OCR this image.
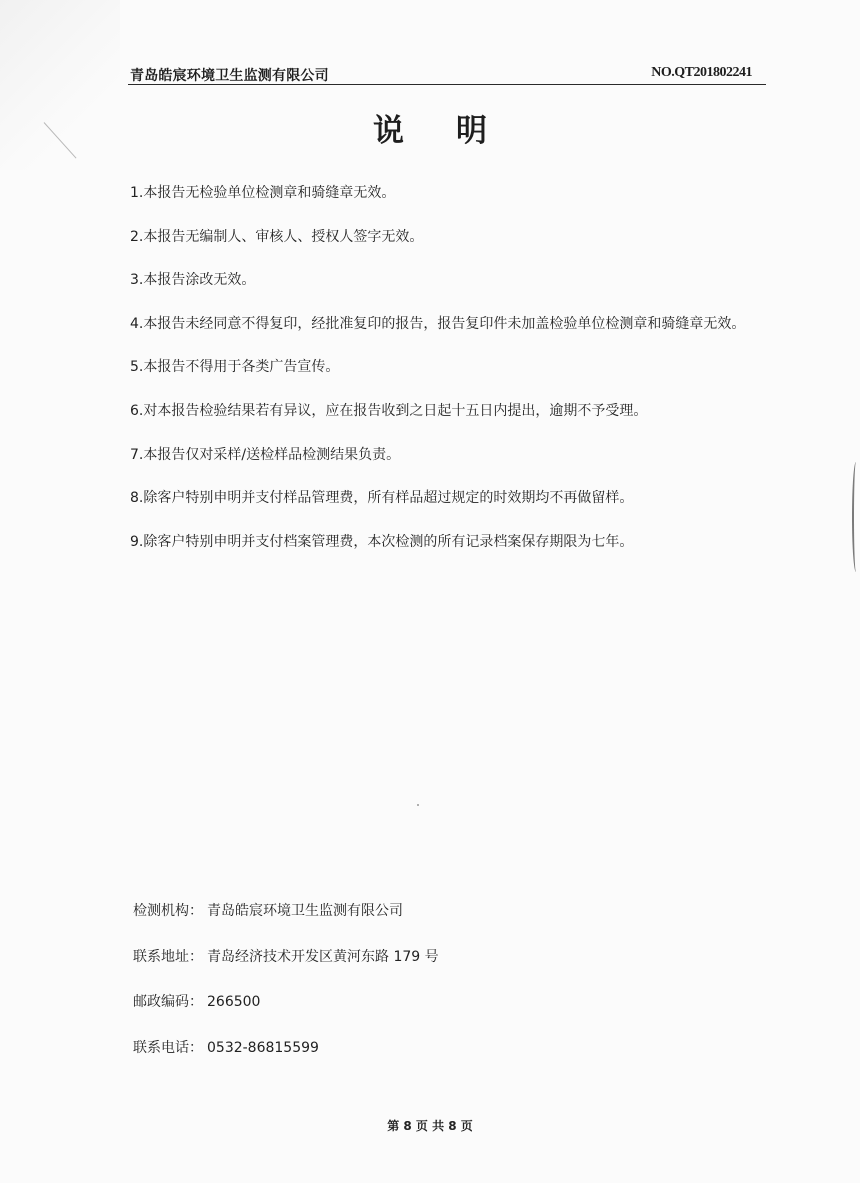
青岛皓宸环境卫生监测有限公司	NO.QT201802241
说明
1.本报告无检验单位检测章和骑缝章无效。
2.本报告无编制人、审核人、授权人签字无效。
3.本报告涂改无效。
4.本报告未经同意不得复印，经批准复印的报告，报告复印件未加盖检验单位检测章和骑缝章无效。
5.本报告不得用于各类广告宣传。
6.对本报告检验结果若有异议，应在报告收到之日起十五日内提出，逾期不予受理。
7.本报告仅对采样/送检样品检测结果负责。
8.除客户特别申明并支付样品管理费，所有样品超过规定的时效期均不再做留样。
9.除客户特别申明并支付档案管理费，本次检测的所有记录档案保存期限为七年。
检测机构： 青岛皓宸环境卫生监测有限公司
联系地址： 青岛经济技术开发区黄河东路 179 号
邮政编码： 266500
联系电话： 0532-86815599
第 8 页 共 8 页
